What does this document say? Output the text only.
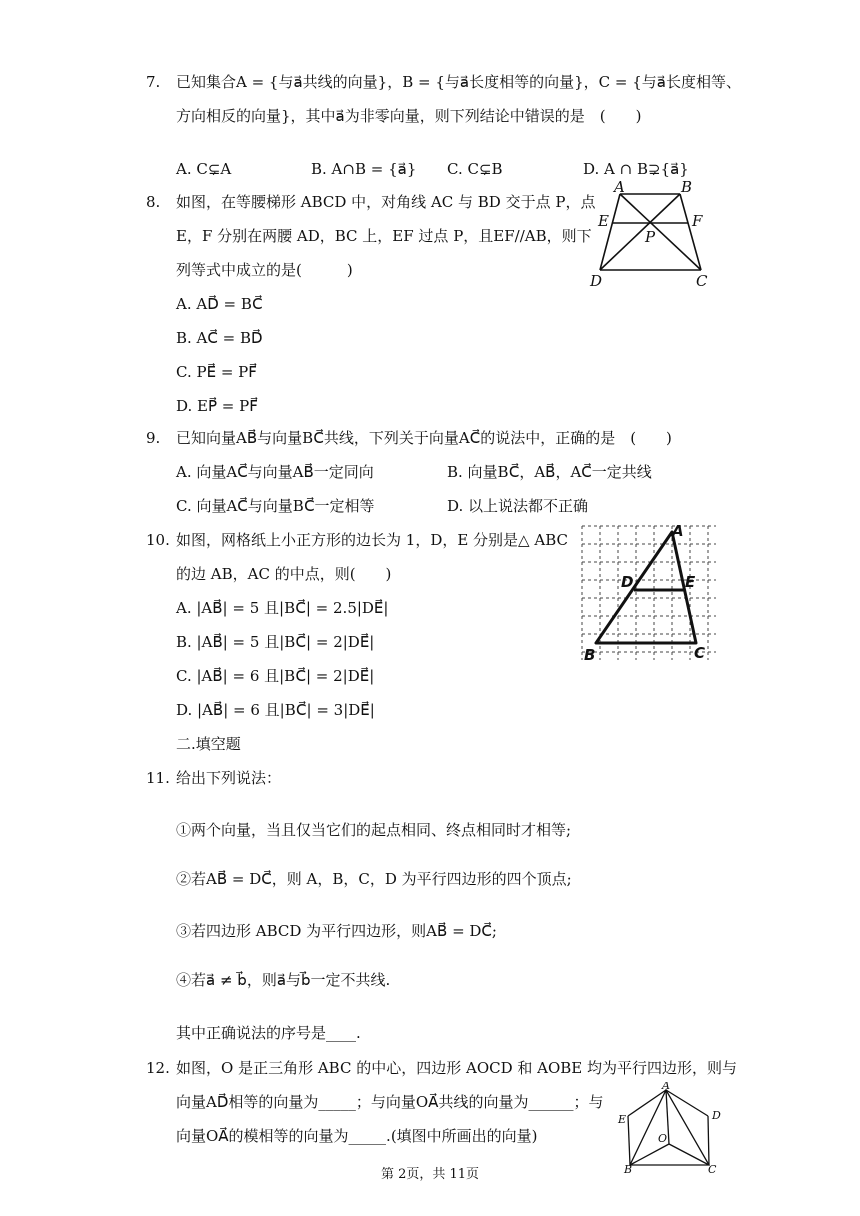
7. 已知集合A = {与a⃗共线的向量}，B = {与a⃗长度相等的向量}，C = {与a⃗长度相等、
方向相反的向量}，其中a⃗为非零向量，则下列结论中错误的是　(　　)
A. C⊊A	B. A∩B = {a⃗} C. C⊊B	D. A ∩ B⊋{a⃗}
8. 如图，在等腰梯形 ABCD 中，对角线 AC 与 BD 交于点 P，点
E，F 分别在两腰 AD，BC 上，EF 过点 P，且EF//AB，则下
列等式中成立的是(　　　)
A. AD⃗ = BC⃗
B. AC⃗ = BD⃗
C. PE⃗ = PF⃗
D. EP⃗ = PF⃗
A	B
C
D
E	F
P
9. 已知向量AB⃗与向量BC⃗共线，下列关于向量AC⃗的说法中，正确的是　(　　)
A. 向量AC⃗与向量AB⃗一定同向	B. 向量BC⃗，AB⃗，AC⃗一定共线
C. 向量AC⃗与向量BC⃗一定相等	D. 以上说法都不正确
10. 如图，网格纸上小正方形的边长为 1，D，E 分别是△ ABC
的边 AB，AC 的中点，则(　　)
A. |AB⃗| = 5 且|BC⃗| = 2.5|DE⃗|
B. |AB⃗| = 5 且|BC⃗| = 2|DE⃗|
C. |AB⃗| = 6 且|BC⃗| = 2|DE⃗|
D. |AB⃗| = 6 且|BC⃗| = 3|DE⃗|
A
B	C
D	E
二.填空题
11. 给出下列说法：
①两个向量，当且仅当它们的起点相同、终点相同时才相等;
②若AB⃗ = DC⃗，则 A，B，C，D 为平行四边形的四个顶点;
③若四边形 ABCD 为平行四边形，则AB⃗ = DC⃗;
④若a⃗ ≠ b⃗，则a⃗与b⃗一定不共线.
其中正确说法的序号是____.
12. 如图，O 是正三角形 ABC 的中心，四边形 AOCD 和 AOBE 均为平行四边形，则与
向量AD⃗相等的向量为_____；与向量OA⃗共线的向量为______；与
向量OA⃗的模相等的向量为_____.(填图中所画出的向量)
A
B	C
D
E
O
第 2页，共 11页
